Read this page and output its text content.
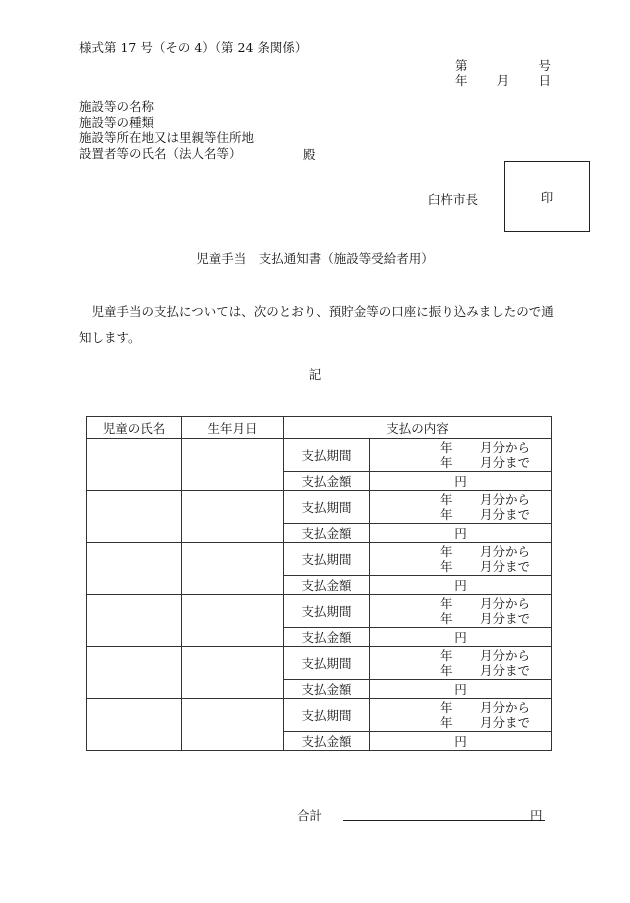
様式第 17 号（その 4）（第 24 条関係）
第	号
年 月 日
施設等の名称
施設等の種類
施設等所在地又は里親等住所地
設置者等の氏名（法人名等）	殿
臼杵市長	印
児童手当　支払通知書（施設等受給者用）
児童手当の支払については、次のとおり、預貯金等の口座に振り込みましたので通知します。
記
児童の氏名	生年月日	支払の内容	
		支払期間	年 月分から
年 月分まで

		支払金額	円
		支払期間	年 月分から
年 月分まで

		支払金額	円
		支払期間	年 月分から
年 月分まで

		支払金額	円
		支払期間	年 月分から
年 月分まで

		支払金額	円
		支払期間	年 月分から
年 月分まで

		支払金額	円
		支払期間	年 月分から
年 月分まで

		支払金額	円
合計	円
